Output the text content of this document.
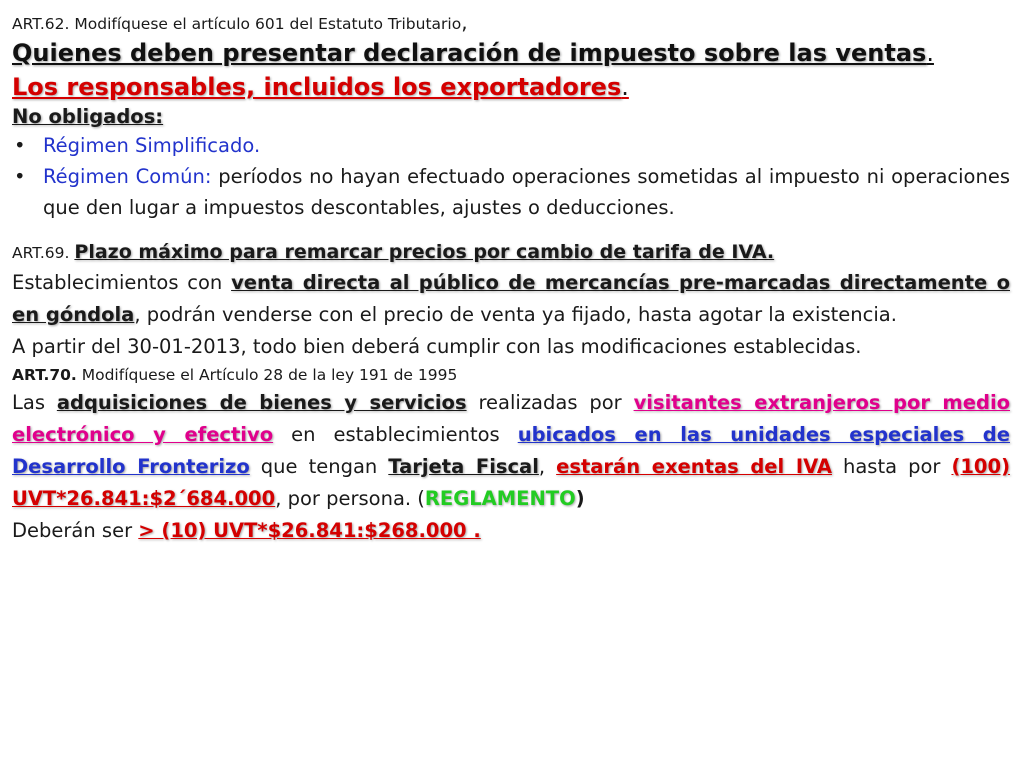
ART.62. Modifíquese el artículo 601 del Estatuto Tributario,
Quienes deben presentar declaración de impuesto sobre las ventas.
Los responsables, incluidos los exportadores.
No obligados:
• Régimen Simplificado.
• Régimen Común: períodos no hayan efectuado operaciones sometidas al impuesto ni operaciones que den lugar a impuestos descontables, ajustes o deducciones.
ART.69. Plazo máximo para remarcar precios por cambio de tarifa de IVA.
Establecimientos con venta directa al público de mercancías pre-marcadas directamente o en góndola, podrán venderse con el precio de venta ya fijado, hasta agotar la existencia.
A partir del 30-01-2013, todo bien deberá cumplir con las modificaciones establecidas.
ART.70. Modifíquese el Artículo 28 de la ley 191 de 1995
Las adquisiciones de bienes y servicios realizadas por visitantes extranjeros por medio electrónico y efectivo en establecimientos ubicados en las unidades especiales de Desarrollo Fronterizo que tengan Tarjeta Fiscal, estarán exentas del IVA hasta por (100) UVT*26.841:$2´684.000, por persona. (REGLAMENTO)
Deberán ser > (10) UVT*$26.841:$268.000 .
